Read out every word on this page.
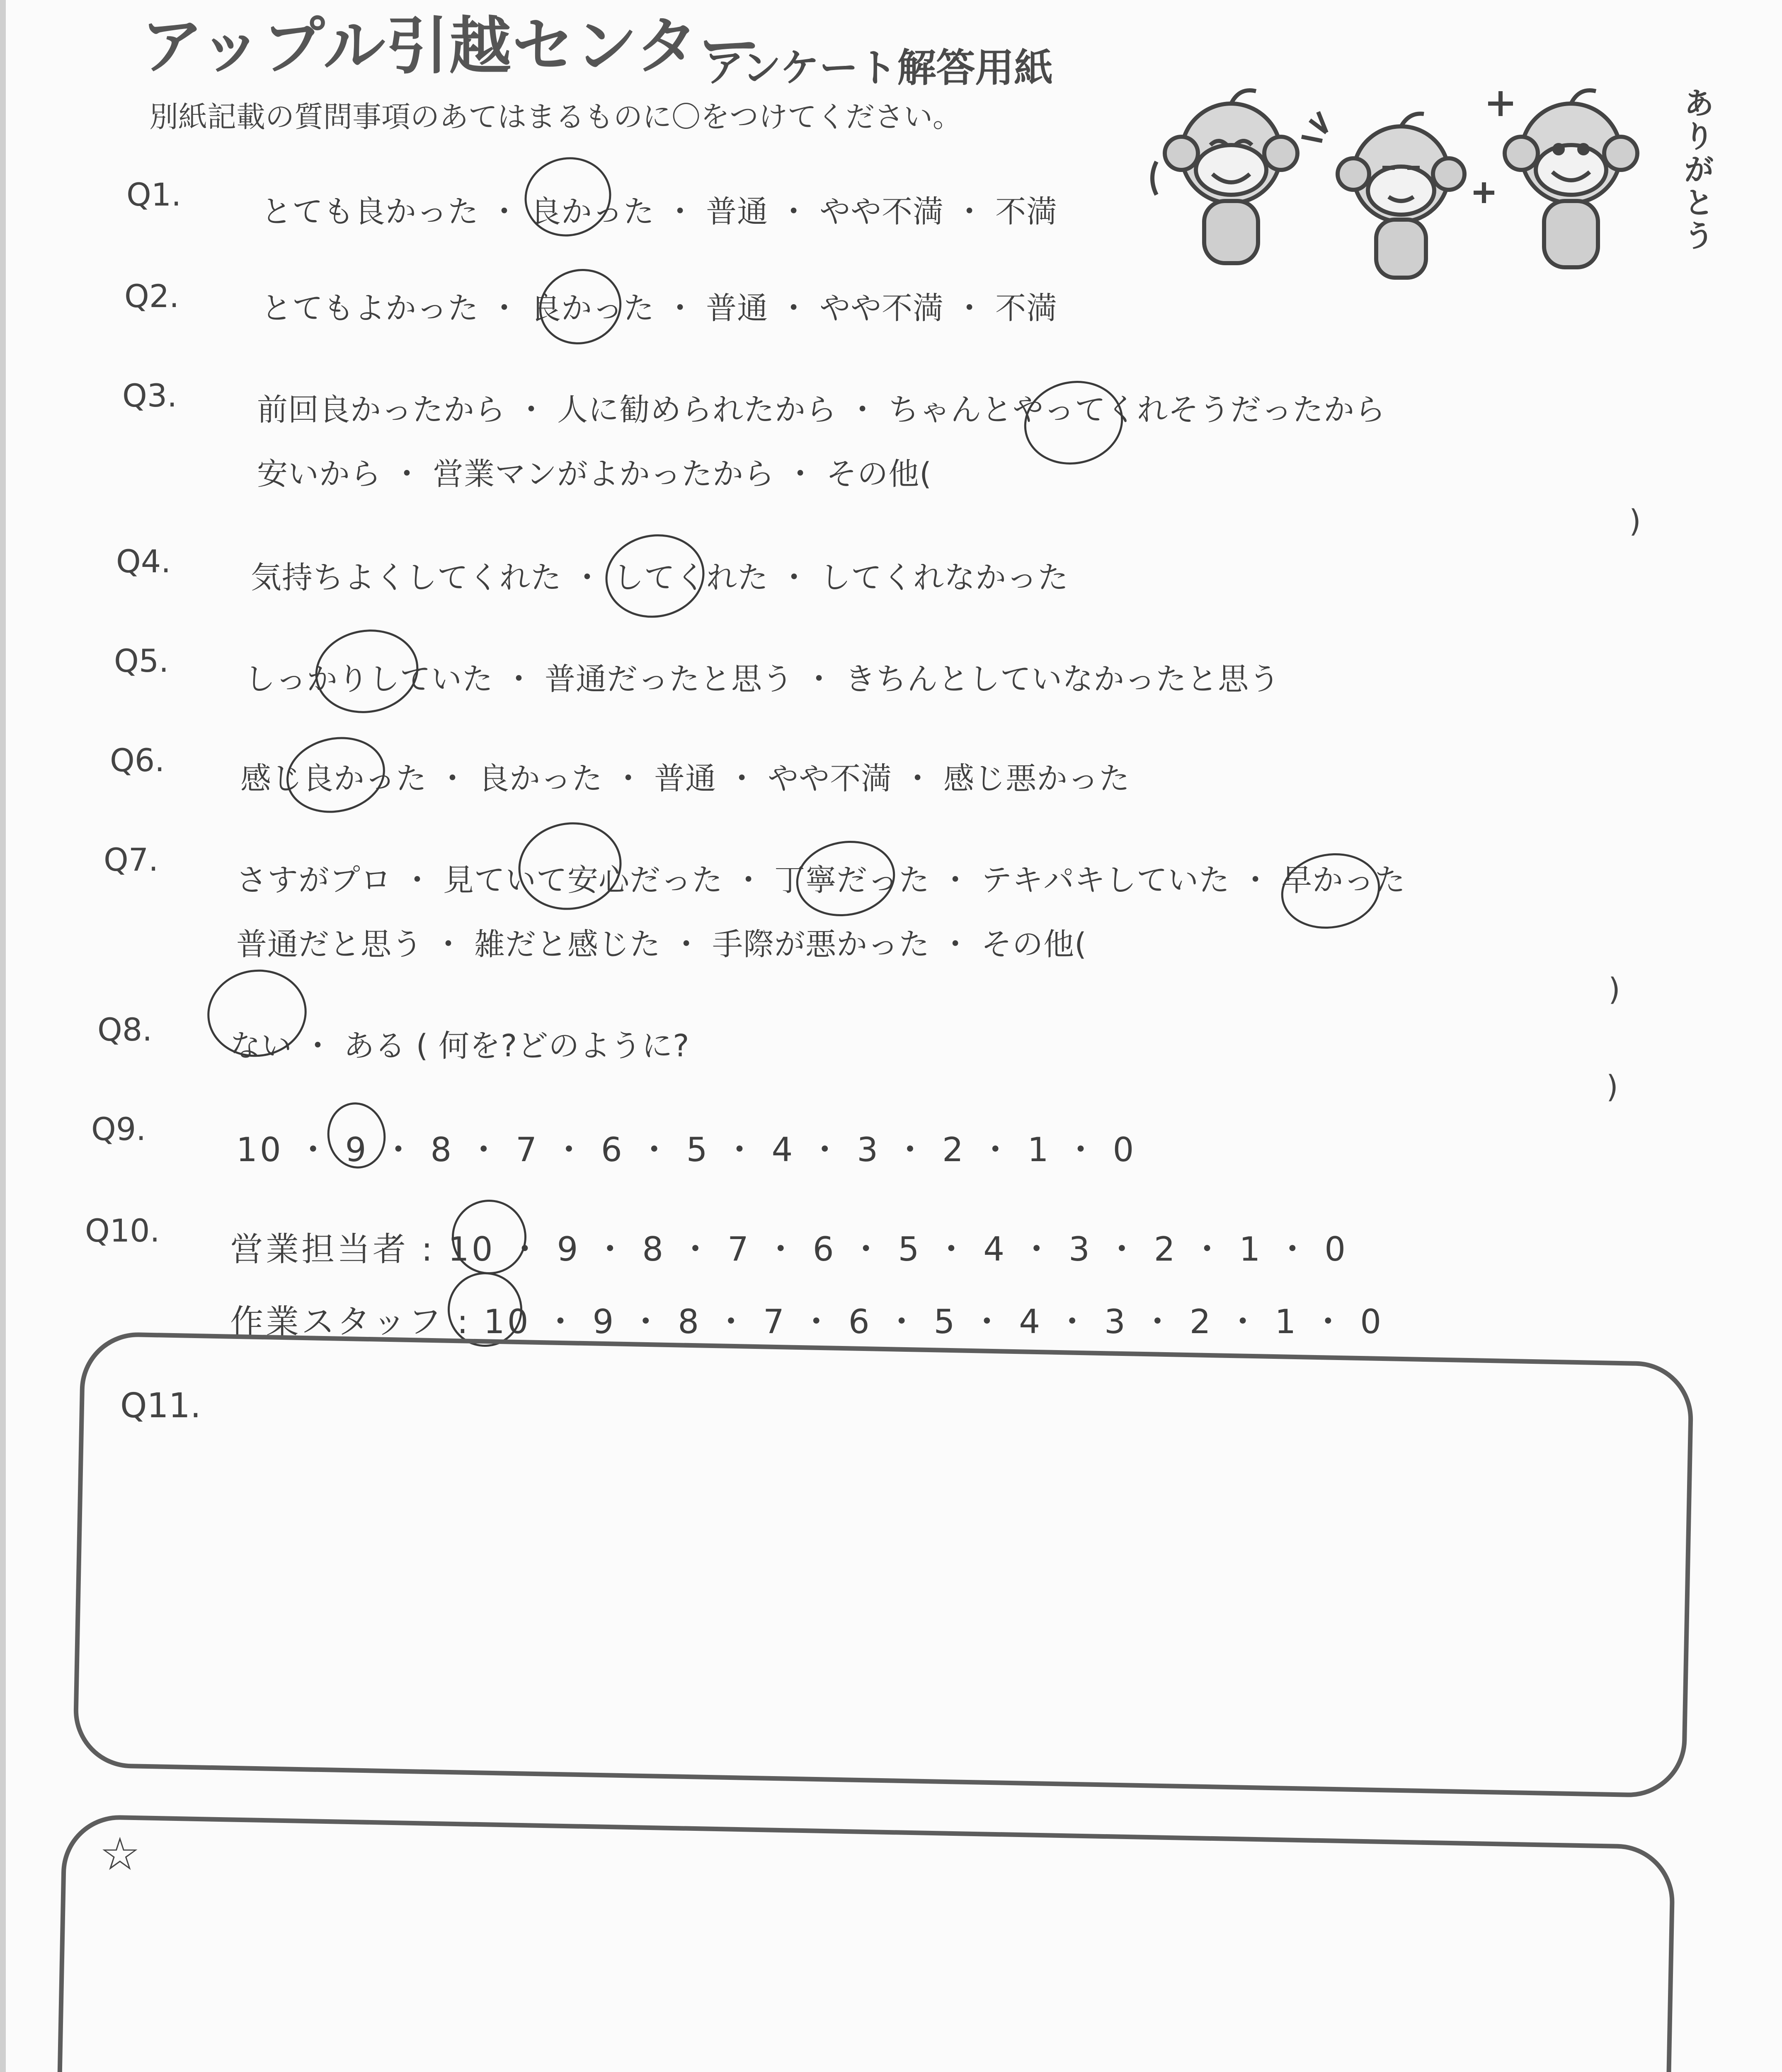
アップル引越センター
アンケート解答用紙
別紙記載の質問事項のあてはまるものに〇をつけてください。	ありがとう
Q1.	とても良かった ・ 良かった ・ 普通 ・ やや不満 ・ 不満
Q2.	とてもよかった ・ 良かった ・ 普通 ・ やや不満 ・ 不満
Q3.	前回良かったから ・ 人に勧められたから ・ ちゃんとやってくれそうだったから
安いから ・ 営業マンがよかったから ・ その他(
)
Q4.	気持ちよくしてくれた ・ してくれた ・ してくれなかった
Q5. しっかりしていた ・ 普通だったと思う ・ きちんとしていなかったと思う
Q6. 感じ良かった ・ 良かった ・ 普通 ・ やや不満 ・ 感じ悪かった
Q7.
さすがプロ ・ 見ていて安心だった ・ 丁寧だった ・ テキパキしていた ・ 早かった
普通だと思う ・ 雑だと感じた ・ 手際が悪かった ・ その他(
)
Q8.	ない ・ ある ( 何を?どのように?
)
Q9.
10 ・ 9 ・ 8 ・ 7 ・ 6 ・ 5 ・ 4 ・ 3 ・ 2 ・ 1 ・ 0
Q10. 営業担当者 : 10 ・ 9 ・ 8 ・ 7 ・ 6 ・ 5 ・ 4 ・ 3 ・ 2 ・ 1 ・ 0
作業スタッフ : 10 ・ 9 ・ 8 ・ 7 ・ 6 ・ 5 ・ 4 ・ 3 ・ 2 ・ 1 ・ 0
Q11.
☆
